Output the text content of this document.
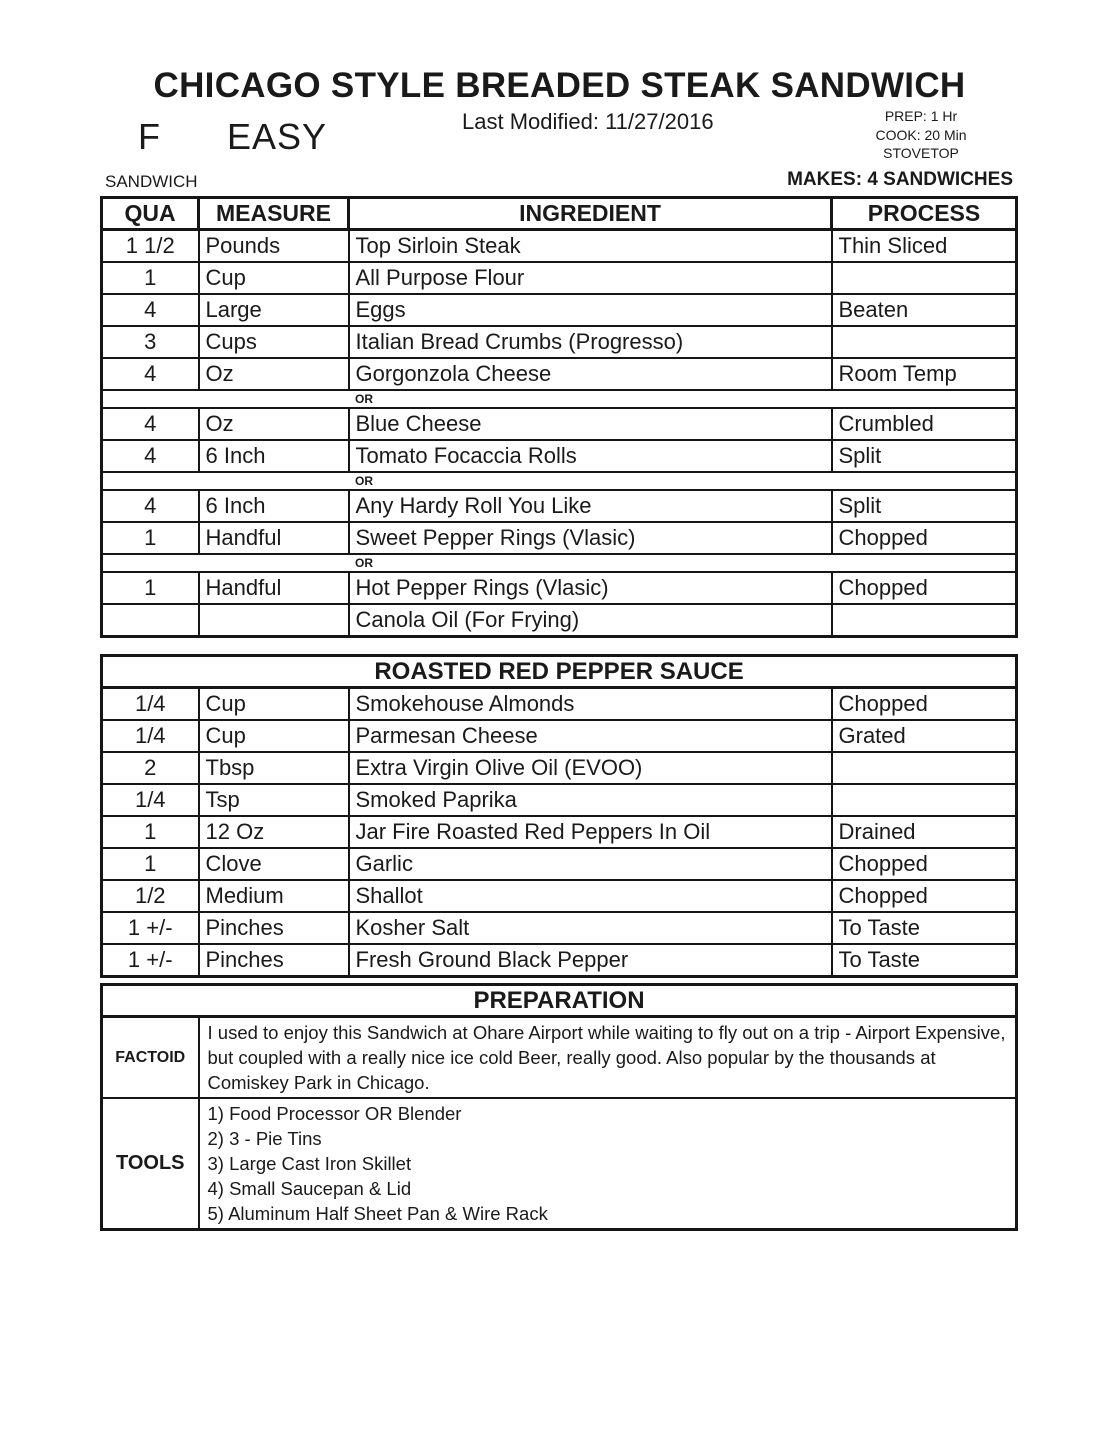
CHICAGO STYLE BREADED STEAK SANDWICH
F EASY	Last Modified: 11/27/2016	PREP: 1 Hr
COOK: 20 Min
STOVETOP
SANDWICH	MAKES: 4 SANDWICHES
QUA	MEASURE	INGREDIENT	PROCESS
1 1/2	Pounds	Top Sirloin Steak	Thin Sliced
1	Cup	All Purpose Flour	
4	Large	Eggs	Beaten
3	Cups	Italian Bread Crumbs (Progresso)	
4	Oz	Gorgonzola Cheese	Room Temp
OR			
4	Oz	Blue Cheese	Crumbled
4	6 Inch	Tomato Focaccia Rolls	Split
OR			
4	6 Inch	Any Hardy Roll You Like	Split
1	Handful	Sweet Pepper Rings (Vlasic)	Chopped
OR			
1	Handful	Hot Pepper Rings (Vlasic)	Chopped
		Canola Oil (For Frying)	
ROASTED RED PEPPER SAUCE			
1/4	Cup	Smokehouse Almonds	Chopped
1/4	Cup	Parmesan Cheese	Grated
2	Tbsp	Extra Virgin Olive Oil (EVOO)	
1/4	Tsp	Smoked Paprika	
1	12 Oz	Jar Fire Roasted Red Peppers In Oil	Drained
1	Clove	Garlic	Chopped
1/2	Medium	Shallot	Chopped
1 +/-	Pinches	Kosher Salt	To Taste
1 +/-	Pinches	Fresh Ground Black Pepper	To Taste
PREPARATION	
FACTOID	I used to enjoy this Sandwich at Ohare Airport while waiting to fly out on a trip - Airport Expensive, but coupled with a really nice ice cold Beer, really good. Also popular by the thousands at Comiskey Park in Chicago.
TOOLS	1) Food Processor OR Blender
2) 3 - Pie Tins
3) Large Cast Iron Skillet
4) Small Saucepan & Lid
5) Aluminum Half Sheet Pan & Wire Rack
